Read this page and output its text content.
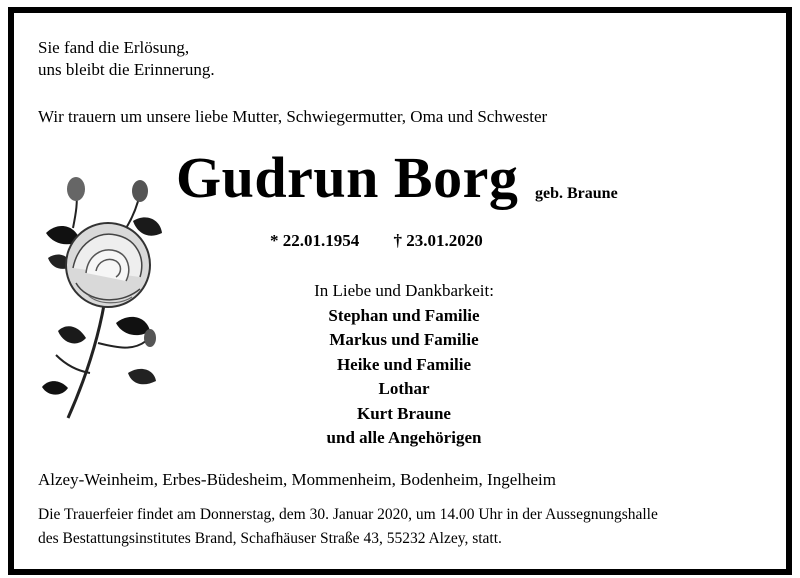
Sie fand die Erlösung,
uns bleibt die Erinnerung.
Wir trauern um unsere liebe Mutter, Schwiegermutter, Oma und Schwester
Gudrun Borg geb. Braune
* 22.01.1954 † 23.01.2020
In Liebe und Dankbarkeit:
Stephan und Familie
Markus und Familie
Heike und Familie
Lothar
Kurt Braune
und alle Angehörigen
Alzey-Weinheim, Erbes-Büdesheim, Mommenheim, Bodenheim, Ingelheim
Die Trauerfeier findet am Donnerstag, dem 30. Januar 2020, um 14.00 Uhr in der Aussegnungshalle
des Bestattungsinstitutes Brand, Schafhäuser Straße 43, 55232 Alzey, statt.
